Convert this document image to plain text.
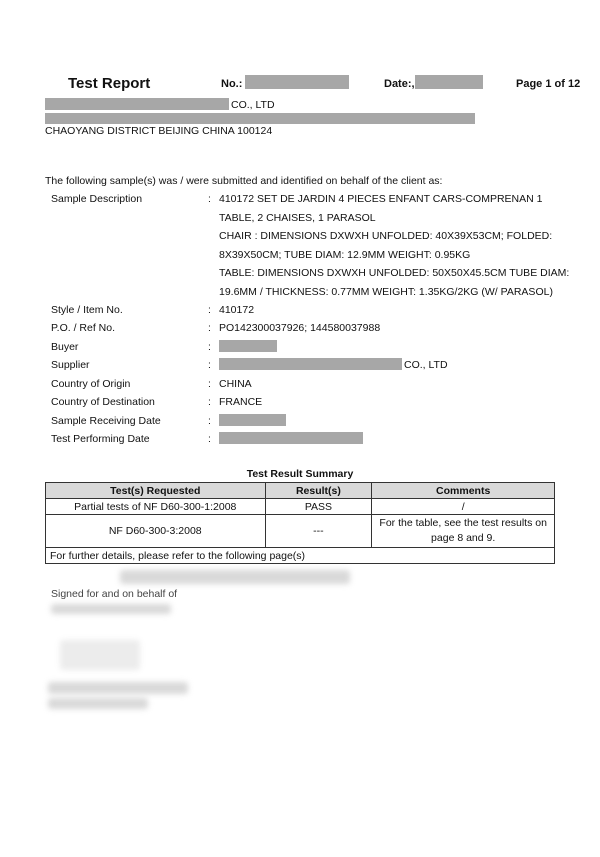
Test Report	No.:	Date:,	Page 1 of 12
CO., LTD
CHAOYANG DISTRICT BEIJING CHINA 100124
The following sample(s) was / were submitted and identified on behalf of the client as:
Sample Description	: 410172 SET DE JARDIN 4 PIECES ENFANT CARS-COMPRENAN 1
TABLE, 2 CHAISES, 1 PARASOL
CHAIR : DIMENSIONS DXWXH UNFOLDED: 40X39X53CM; FOLDED:
8X39X50CM; TUBE DIAM: 12.9MM WEIGHT: 0.95KG
TABLE: DIMENSIONS DXWXH UNFOLDED: 50X50X45.5CM TUBE DIAM:
19.6MM / THICKNESS: 0.77MM WEIGHT: 1.35KG/2KG (W/ PARASOL)
Style / Item No.	: 410172
P.O. / Ref No.	: PO142300037926; 144580037988
Buyer	:
Supplier	:	CO., LTD
Country of Origin	: CHINA
Country of Destination	: FRANCE
Sample Receiving Date	:
Test Performing Date	:
Test Result Summary
Test(s) Requested	Result(s)	Comments
Partial tests of NF D60-300-1:2008	PASS	/
NF D60-300-3:2008	---	For the table, see the test results on page 8 and 9.
For further details, please refer to the following page(s)		
Signed for and on behalf of
